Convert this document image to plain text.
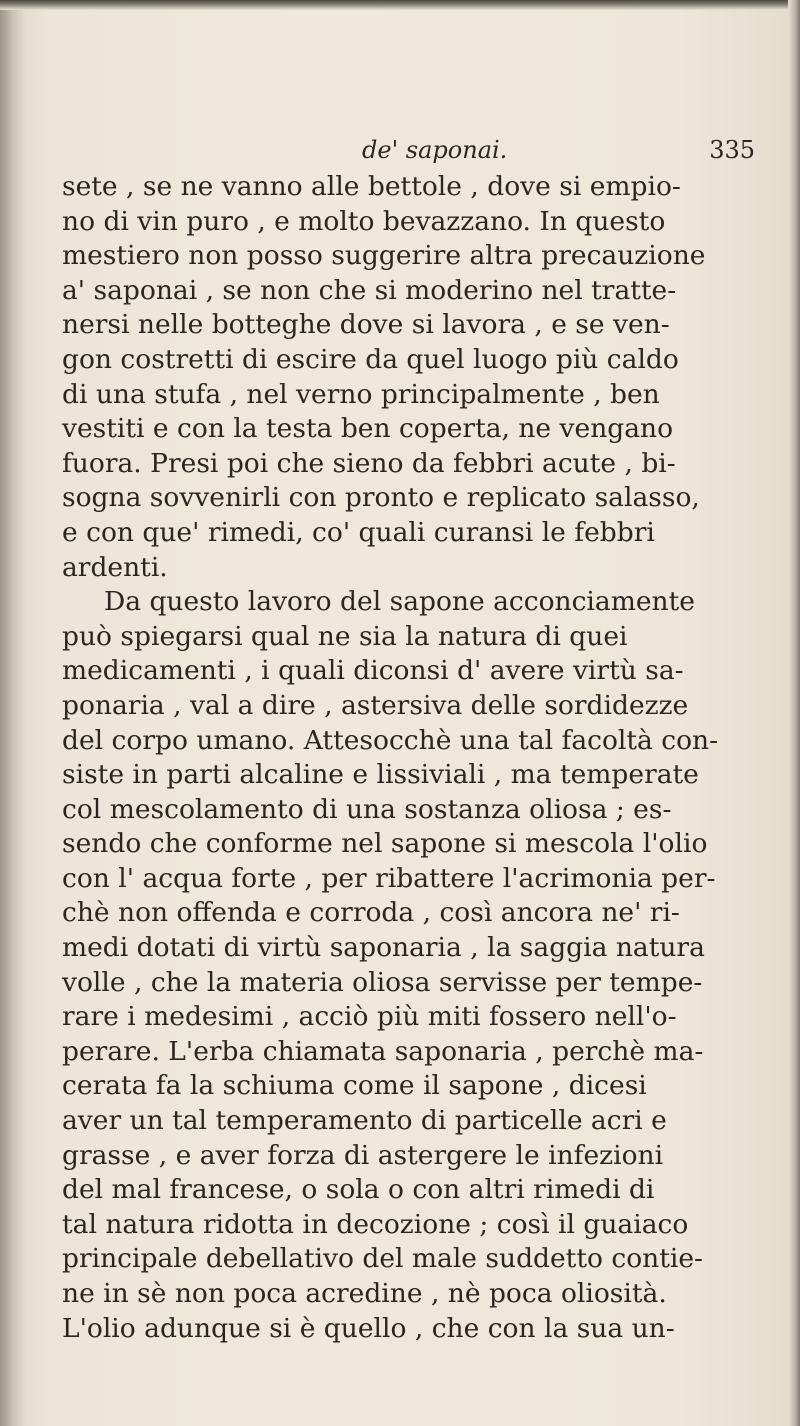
de' saponai.	335
sete , se ne vanno alle bettole , dove si empio-
no di vin puro , e molto bevazzano. In questo
mestiero non posso suggerire altra precauzione
a' saponai , se non che si moderino nel tratte-
nersi nelle botteghe dove si lavora , e se ven-
gon costretti di escire da quel luogo più caldo
di una stufa , nel verno principalmente , ben
vestiti e con la testa ben coperta, ne vengano
fuora. Presi poi che sieno da febbri acute , bi-
sogna sovvenirli con pronto e replicato salasso,
e con que' rimedi, co' quali curansi le febbri
ardenti.
Da questo lavoro del sapone acconciamente
può spiegarsi qual ne sia la natura di quei
medicamenti , i quali diconsi d' avere virtù sa-
ponaria , val a dire , astersiva delle sordidezze
del corpo umano. Attesocchè una tal facoltà con-
siste in parti alcaline e lissiviali , ma temperate
col mescolamento di una sostanza oliosa ; es-
sendo che conforme nel sapone si mescola l'olio
con l' acqua forte , per ribattere l'acrimonia per-
chè non offenda e corroda , così ancora ne' ri-
medi dotati di virtù saponaria , la saggia natura
volle , che la materia oliosa servisse per tempe-
rare i medesimi , acciò più miti fossero nell'o-
perare. L'erba chiamata saponaria , perchè ma-
cerata fa la schiuma come il sapone , dicesi
aver un tal temperamento di particelle acri e
grasse , e aver forza di astergere le infezioni
del mal francese, o sola o con altri rimedi di
tal natura ridotta in decozione ; così il guaiaco
principale debellativo del male suddetto contie-
ne in sè non poca acredine , nè poca oliosità.
L'olio adunque si è quello , che con la sua un-
